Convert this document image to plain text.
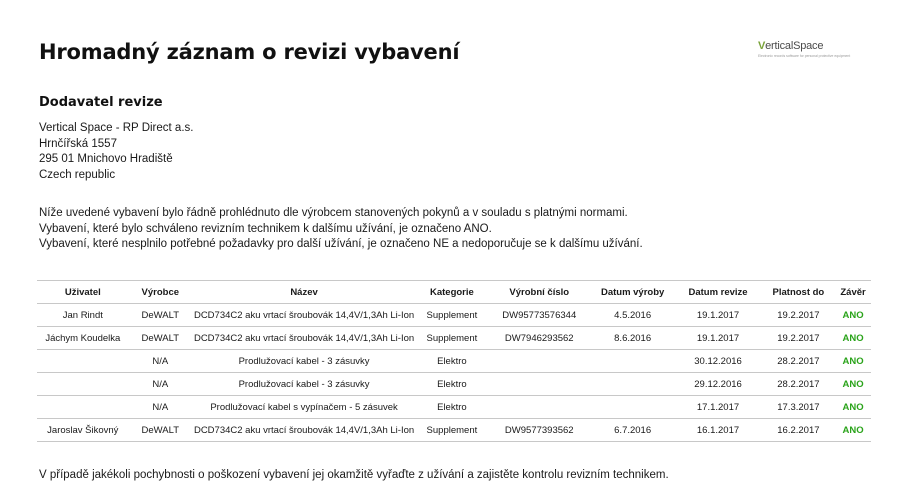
Hromadný záznam o revizi vybavení	VerticalSpace
Electronic records software for personal protective equipment
Dodavatel revize
Vertical Space - RP Direct a.s.
Hrnčířská 1557
295 01 Mnichovo Hradiště
Czech republic
Níže uvedené vybavení bylo řádně prohlédnuto dle výrobcem stanovených pokynů a v souladu s platnými normami.
Vybavení, které bylo schváleno revizním technikem k dalšímu užívání, je označeno ANO.
Vybavení, které nesplnilo potřebné požadavky pro další užívání, je označeno NE a nedoporučuje se k dalšímu užívání.
Uživatel	Výrobce	Název	Kategorie	Výrobní číslo	Datum výroby	Datum revize	Platnost do	Závěr
Jan Rindt	DeWALT	DCD734C2 aku vrtací šroubovák 14,4V/1,3Ah Li-Ion	Supplement	DW95773576344	4.5.2016	19.1.2017	19.2.2017	ANO
Jáchym Koudelka	DeWALT	DCD734C2 aku vrtací šroubovák 14,4V/1,3Ah Li-Ion	Supplement	DW7946293562	8.6.2016	19.1.2017	19.2.2017	ANO
	N/A	Prodlužovací kabel - 3 zásuvky	Elektro			30.12.2016	28.2.2017	ANO
	N/A	Prodlužovací kabel - 3 zásuvky	Elektro			29.12.2016	28.2.2017	ANO
	N/A	Prodlužovací kabel s vypínačem - 5 zásuvek	Elektro			17.1.2017	17.3.2017	ANO
Jaroslav Šikovný	DeWALT	DCD734C2 aku vrtací šroubovák 14,4V/1,3Ah Li-Ion	Supplement	DW9577393562	6.7.2016	16.1.2017	16.2.2017	ANO
V případě jakékoli pochybnosti o poškození vybavení jej okamžitě vyřaďte z užívání a zajistěte kontrolu revizním technikem.
